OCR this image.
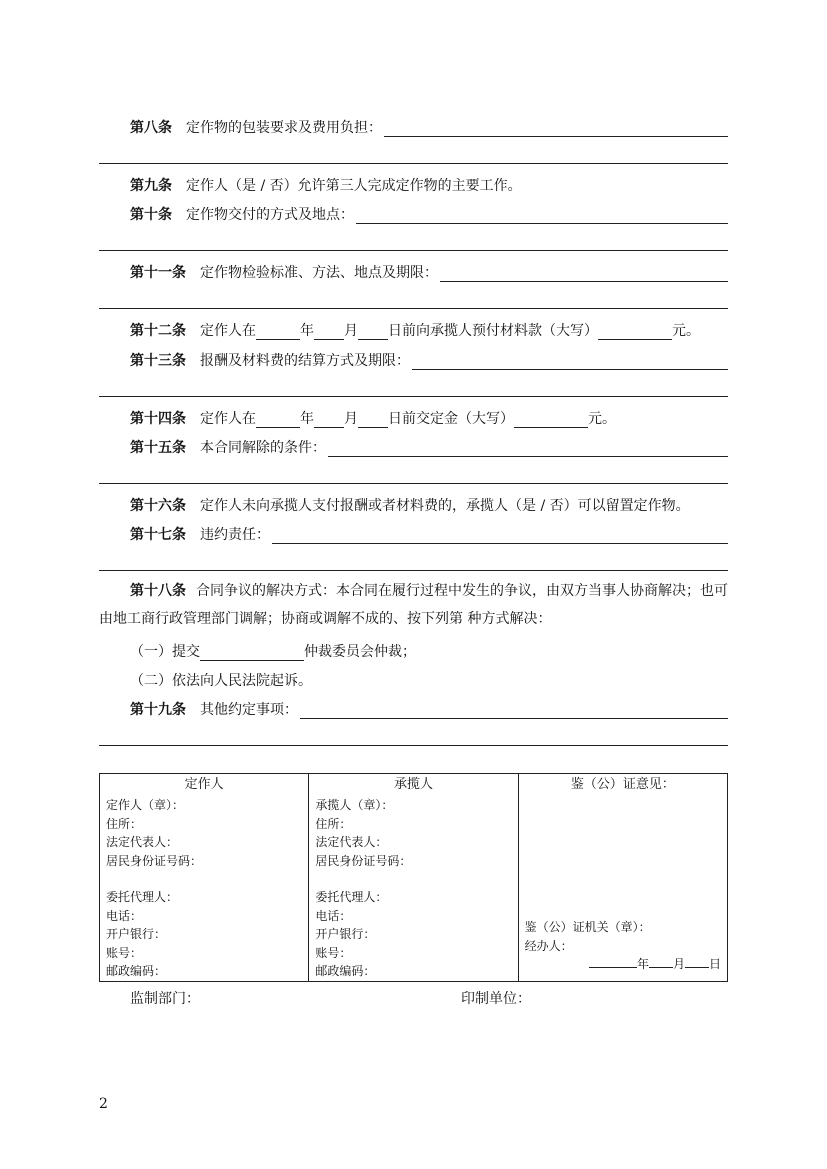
第八条 定作物的包装要求及费用负担：
第九条 定作人（是 / 否）允许第三人完成定作物的主要工作。
第十条 定作物交付的方式及地点：
第十一条 定作物检验标准、方法、地点及期限：
第十二条 定作人在	年 月 日前向承揽人预付材料款（大写）	元。
第十三条 报酬及材料费的结算方式及期限：
第十四条 定作人在	年 月 日前交定金（大写）	元。
第十五条 本合同解除的条件：
第十六条 定作人未向承揽人支付报酬或者材料费的，承揽人（是 / 否）可以留置定作物。
第十七条 违约责任：
第十八条 合同争议的解决方式：本合同在履行过程中发生的争议，由双方当事人协商解决；也可由地工商行政管理部门调解；协商或调解不成的、按下列第 种方式解决：
（一）提交	仲裁委员会仲裁；
（二）依法向人民法院起诉。
第十九条 其他约定事项：
定作人
定作人（章）：
住所：
法定代表人：
居民身份证号码：
委托代理人：
电话：
开户银行：
账号：
邮政编码：

承揽人
承揽人（章）：
住所：
法定代表人：
居民身份证号码：
委托代理人：
电话：
开户银行：
账号：
邮政编码：

鉴（公）证意见：
鉴（公）证机关（章）：
经办人：
年 月 日
监制部门：	印制单位：
2
